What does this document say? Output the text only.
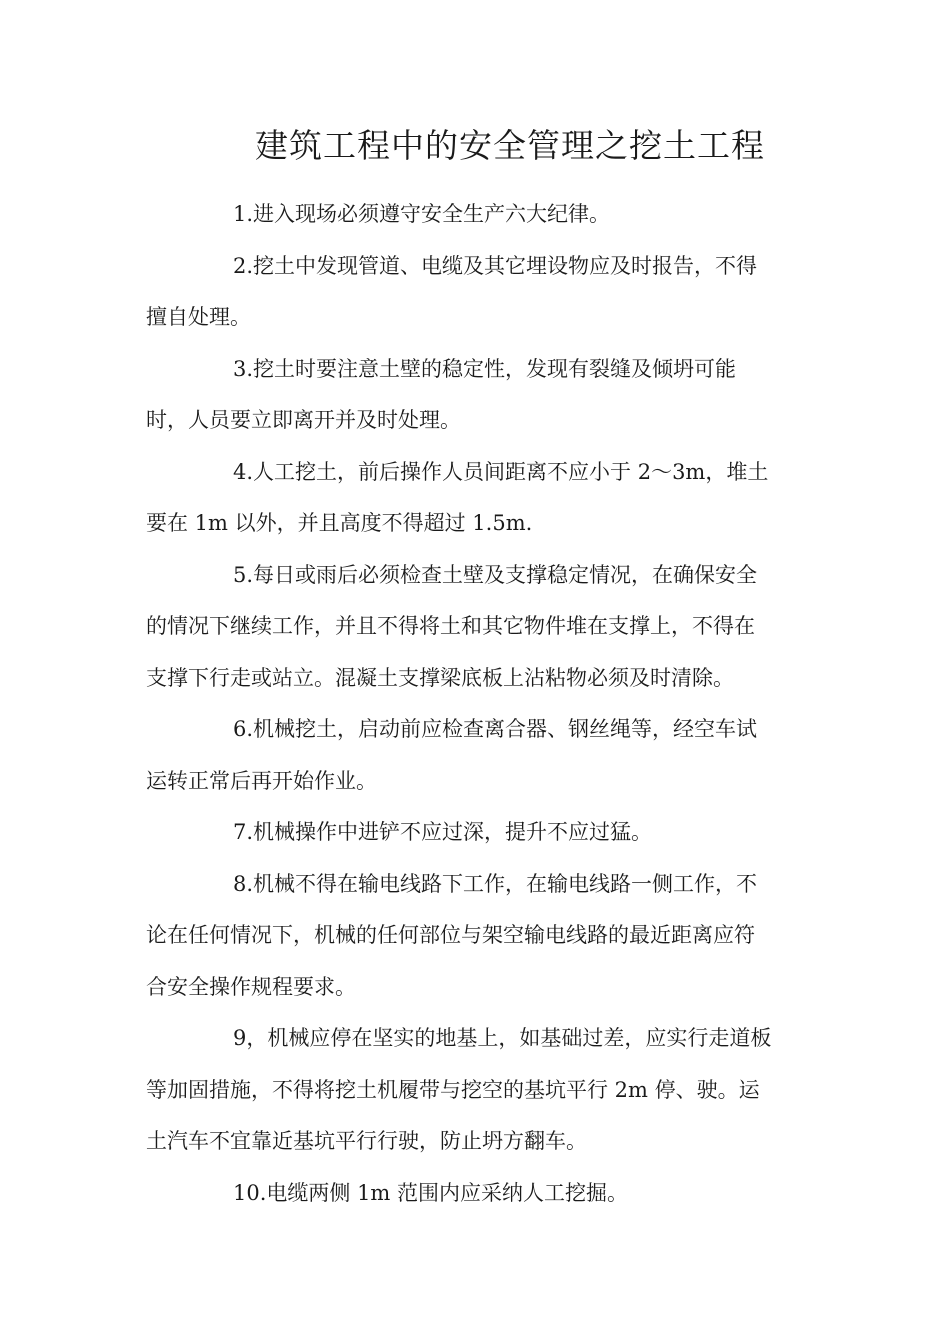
建筑工程中的安全管理之挖土工程

1.进入现场必须遵守安全生产六大纪律。

2.挖土中发现管道、电缆及其它埋设物应及时报告，不得

擅自处理。

3.挖土时要注意土壁的稳定性，发现有裂缝及倾坍可能

时，人员要立即离开并及时处理。

4.人工挖土，前后操作人员间距离不应小于 2～3m，堆土

要在 1m 以外，并且高度不得超过 1.5m.

5.每日或雨后必须检查土壁及支撑稳定情况，在确保安全

的情况下继续工作，并且不得将土和其它物件堆在支撑上，不得在

支撑下行走或站立。混凝土支撑梁底板上沾粘物必须及时清除。

6.机械挖土，启动前应检查离合器、钢丝绳等，经空车试

运转正常后再开始作业。

7.机械操作中进铲不应过深，提升不应过猛。

8.机械不得在输电线路下工作，在输电线路一侧工作，不

论在任何情况下，机械的任何部位与架空输电线路的最近距离应符

合安全操作规程要求。

9，机械应停在坚实的地基上，如基础过差，应实行走道板

等加固措施，不得将挖土机履带与挖空的基坑平行 2m 停、驶。运

土汽车不宜靠近基坑平行行驶，防止坍方翻车。

10.电缆两侧 1m 范围内应采纳人工挖掘。
